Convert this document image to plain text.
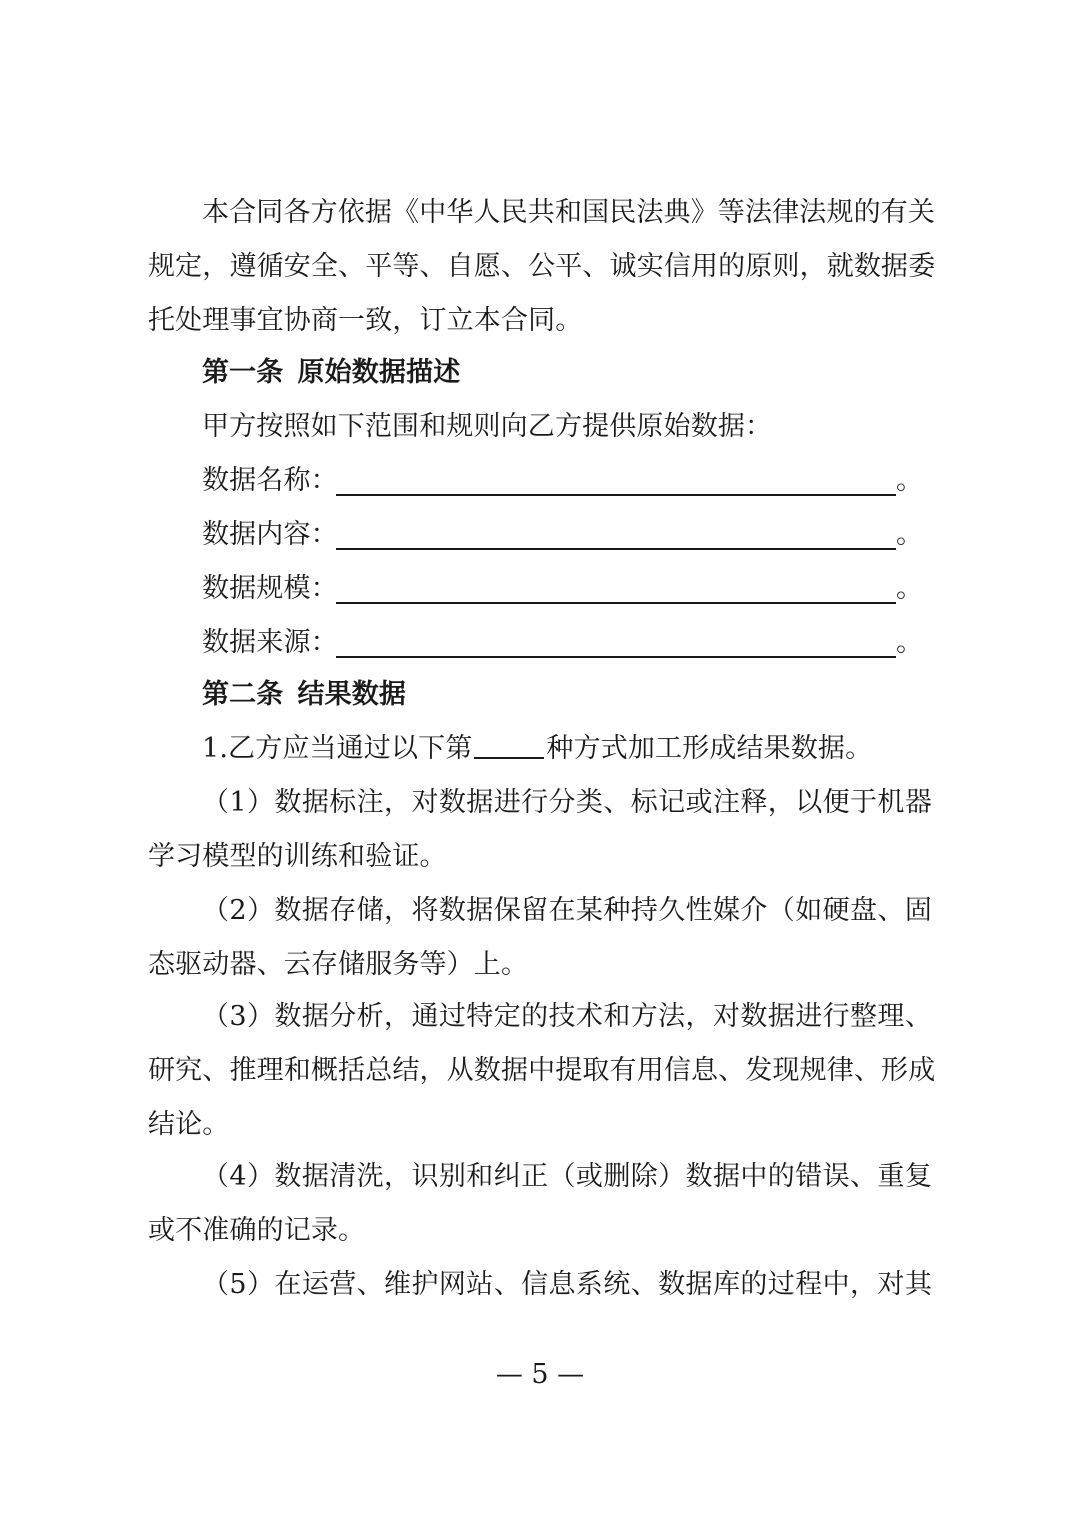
本合同各方依据《中华人民共和国民法典》等法律法规的有关
规定，遵循安全、平等、自愿、公平、诚实信用的原则，就数据委
托处理事宜协商一致，订立本合同。
第一条 原始数据描述
甲方按照如下范围和规则向乙方提供原始数据：
数据名称：	。
数据内容：	。
数据规模：	。
数据来源：	。
第二条 结果数据
1.乙方应当通过以下第	种方式加工形成结果数据。
（1）数据标注，对数据进行分类、标记或注释，以便于机器
学习模型的训练和验证。
（2）数据存储，将数据保留在某种持久性媒介（如硬盘、固
态驱动器、云存储服务等）上。
（3）数据分析，通过特定的技术和方法，对数据进行整理、
研究、推理和概括总结，从数据中提取有用信息、发现规律、形成
结论。
（4）数据清洗，识别和纠正（或删除）数据中的错误、重复
或不准确的记录。
（5）在运营、维护网站、信息系统、数据库的过程中，对其
— 5 —
